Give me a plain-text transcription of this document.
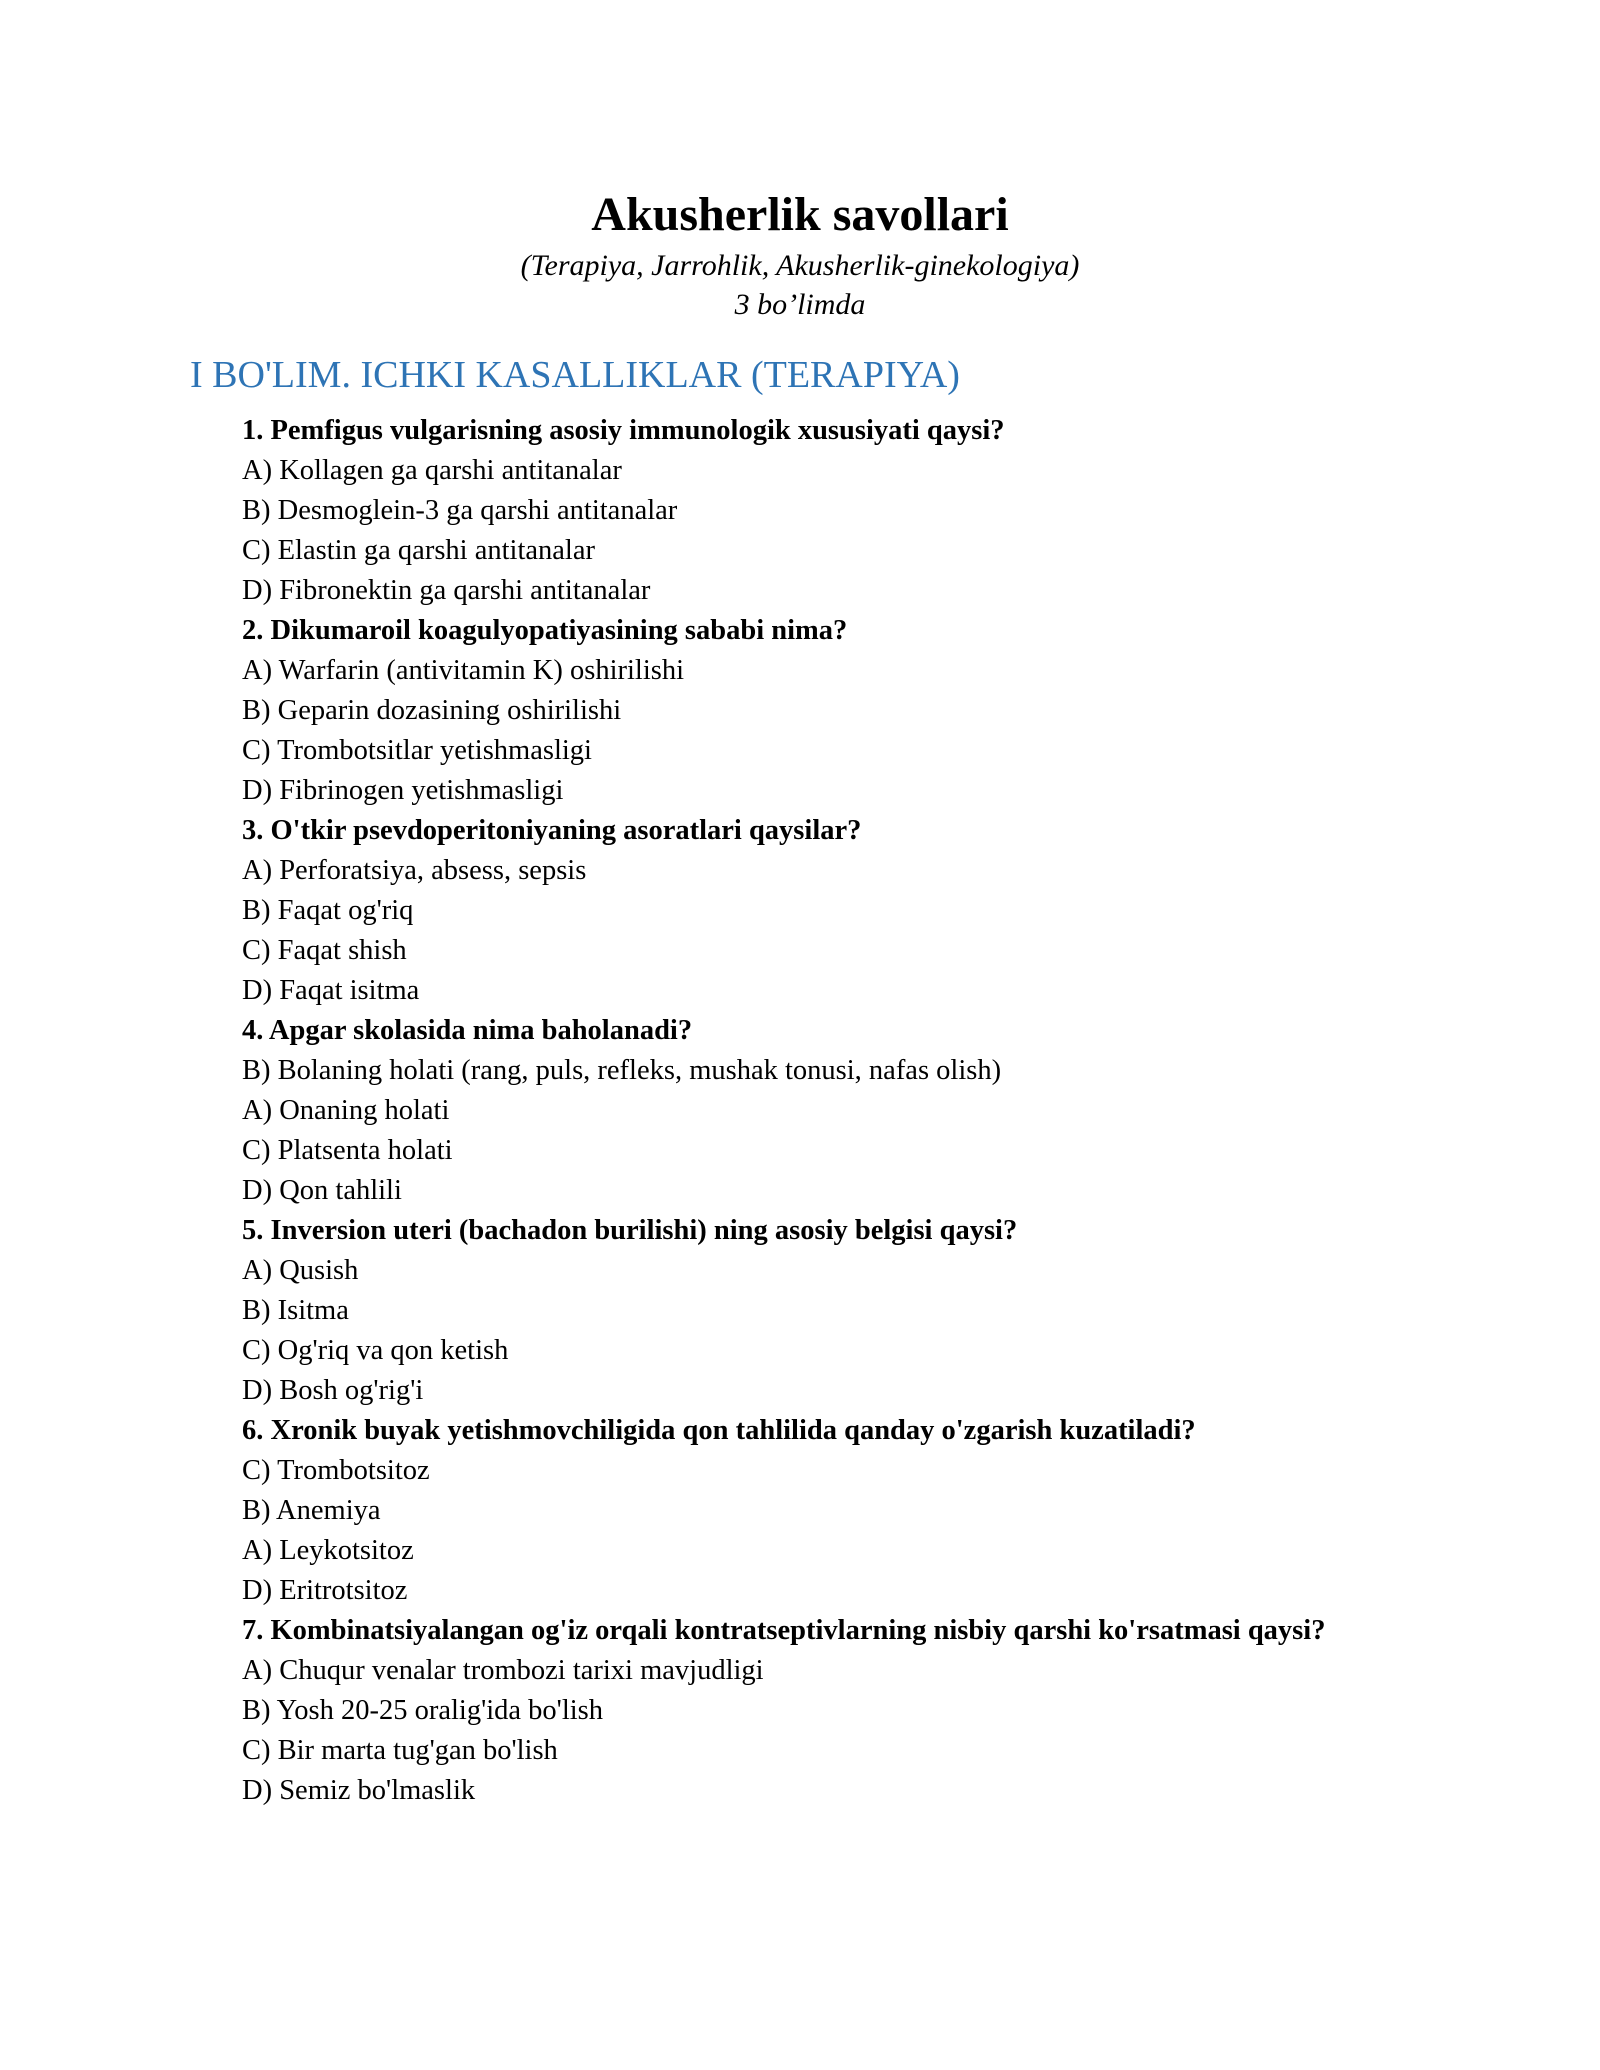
Akusherlik savollari
(Terapiya, Jarrohlik, Akusherlik-ginekologiya)
3 bo’limda
I BO'LIM. ICHKI KASALLIKLAR (TERAPIYA)
1. Pemfigus vulgarisning asosiy immunologik xususiyati qaysi?
A) Kollagen ga qarshi antitanalar
B) Desmoglein-3 ga qarshi antitanalar
C) Elastin ga qarshi antitanalar
D) Fibronektin ga qarshi antitanalar
2. Dikumaroil koagulyopatiyasining sababi nima?
A) Warfarin (antivitamin K) oshirilishi
B) Geparin dozasining oshirilishi
C) Trombotsitlar yetishmasligi
D) Fibrinogen yetishmasligi
3. O'tkir psevdoperitoniyaning asoratlari qaysilar?
A) Perforatsiya, absess, sepsis
B) Faqat og'riq
C) Faqat shish
D) Faqat isitma
4. Apgar skolasida nima baholanadi?
B) Bolaning holati (rang, puls, refleks, mushak tonusi, nafas olish)
A) Onaning holati
C) Platsenta holati
D) Qon tahlili
5. Inversion uteri (bachadon burilishi) ning asosiy belgisi qaysi?
A) Qusish
B) Isitma
C) Og'riq va qon ketish
D) Bosh og'rig'i
6. Xronik buyak yetishmovchiligida qon tahlilida qanday o'zgarish kuzatiladi?
C) Trombotsitoz
B) Anemiya
A) Leykotsitoz
D) Eritrotsitoz
7. Kombinatsiyalangan og'iz orqali kontratseptivlarning nisbiy qarshi ko'rsatmasi qaysi?
A) Chuqur venalar trombozi tarixi mavjudligi
B) Yosh 20-25 oralig'ida bo'lish
C) Bir marta tug'gan bo'lish
D) Semiz bo'lmaslik
